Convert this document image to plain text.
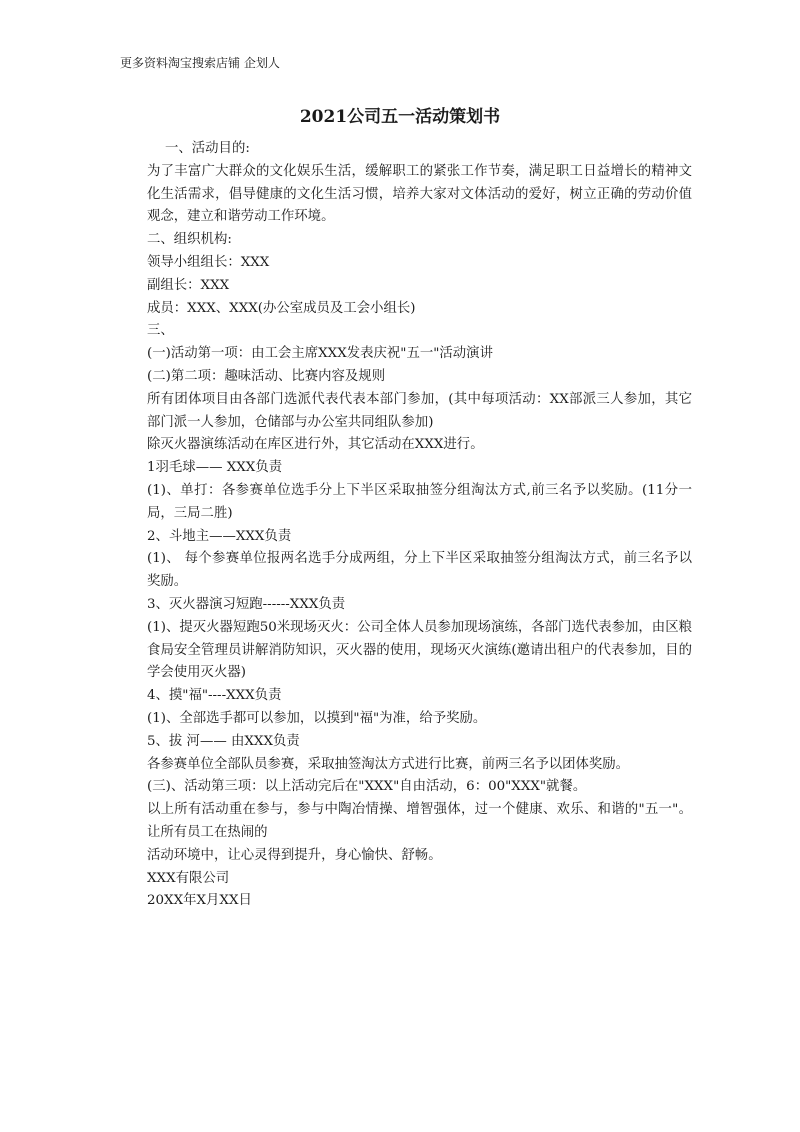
更多资料淘宝搜索店铺 企划人
2021公司五一活动策划书

一、活动目的:

为了丰富广大群众的文化娱乐生活，缓解职工的紧张工作节奏，满足职工日益增长的精神文化生活需求，倡导健康的文化生活习惯，培养大家对文体活动的爱好，树立正确的劳动价值观念，建立和谐劳动工作环境。

二、组织机构:

领导小组组长：XXX

副组长：XXX

成员：XXX、XXX(办公室成员及工会小组长)

三、

(一)活动第一项：由工会主席XXX发表庆祝"五一"活动演讲

(二)第二项：趣味活动、比赛内容及规则

所有团体项目由各部门选派代表代表本部门参加，(其中每项活动：XX部派三人参加，其它部门派一人参加，仓储部与办公室共同组队参加)

除灭火器演练活动在库区进行外，其它活动在XXX进行。

1羽毛球—— XXX负责

(1)、单打：各参赛单位选手分上下半区采取抽签分组淘汰方式,前三名予以奖励。(11分一局，三局二胜)

2、斗地主——XXX负责

(1)、 每个参赛单位报两名选手分成两组，分上下半区采取抽签分组淘汰方式，前三名予以奖励。

3、灭火器演习短跑------XXX负责

(1)、提灭火器短跑50米现场灭火：公司全体人员参加现场演练，各部门选代表参加，由区粮食局安全管理员讲解消防知识，灭火器的使用，现场灭火演练(邀请出租户的代表参加，目的学会使用灭火器)

4、摸"福"----XXX负责

(1)、全部选手都可以参加，以摸到"福"为准，给予奖励。

5、拔 河—— 由XXX负责

各参赛单位全部队员参赛，采取抽签淘汰方式进行比赛，前两三名予以团体奖励。

(三)、活动第三项：以上活动完后在"XXX"自由活动，6：00"XXX"就餐。

以上所有活动重在参与，参与中陶冶情操、增智强体，过一个健康、欢乐、和谐的"五一"。让所有员工在热闹的

活动环境中，让心灵得到提升，身心愉快、舒畅。

XXX有限公司

20XX年X月XX日
